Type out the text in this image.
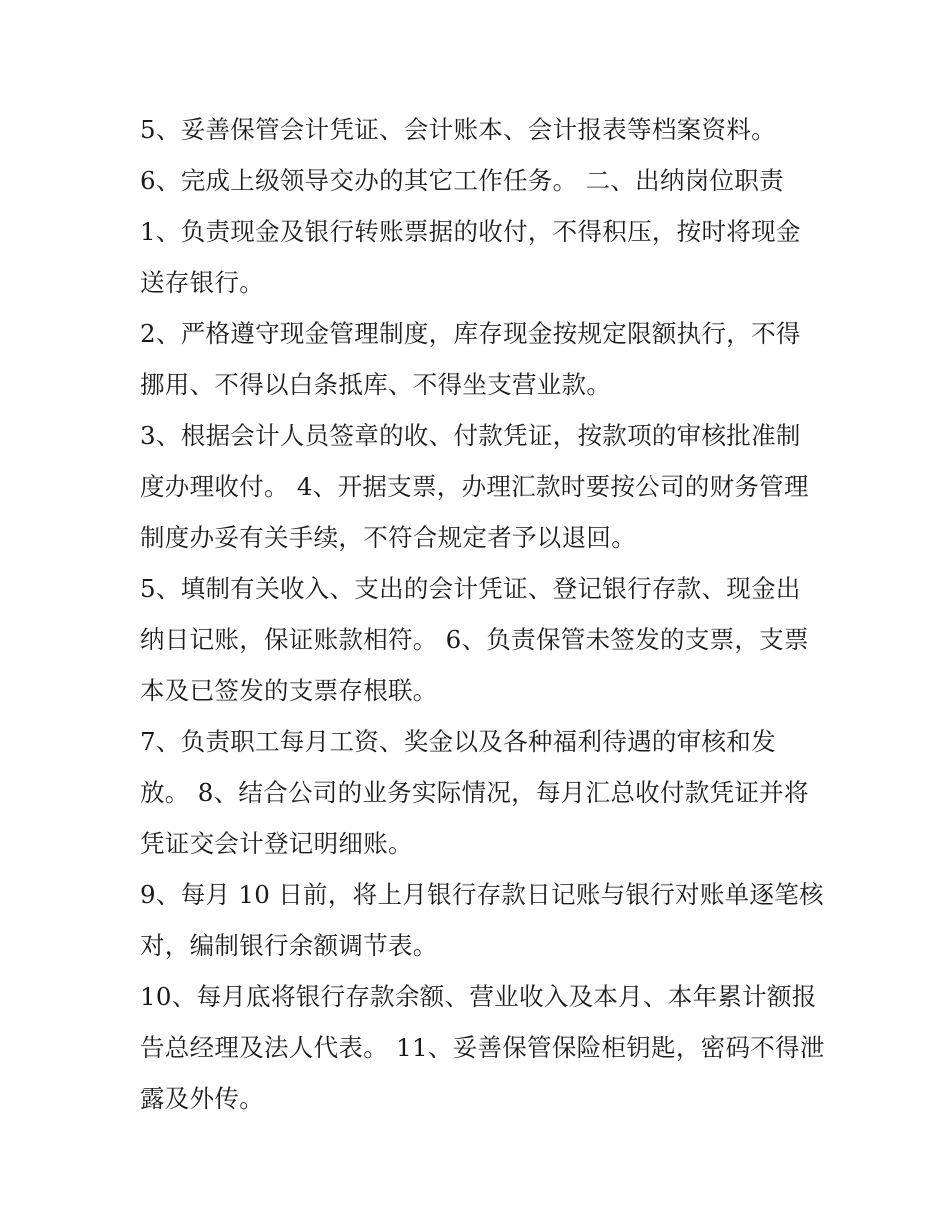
5、妥善保管会计凭证、会计账本、会计报表等档案资料。
6、完成上级领导交办的其它工作任务。 二、出纳岗位职责
1、负责现金及银行转账票据的收付，不得积压，按时将现金
送存银行。
2、严格遵守现金管理制度，库存现金按规定限额执行，不得
挪用、不得以白条抵库、不得坐支营业款。
3、根据会计人员签章的收、付款凭证，按款项的审核批准制
度办理收付。 4、开据支票，办理汇款时要按公司的财务管理
制度办妥有关手续，不符合规定者予以退回。
5、填制有关收入、支出的会计凭证、登记银行存款、现金出
纳日记账，保证账款相符。 6、负责保管未签发的支票，支票
本及已签发的支票存根联。
7、负责职工每月工资、奖金以及各种福利待遇的审核和发
放。 8、结合公司的业务实际情况，每月汇总收付款凭证并将
凭证交会计登记明细账。
9、每月 10 日前，将上月银行存款日记账与银行对账单逐笔核
对，编制银行余额调节表。
10、每月底将银行存款余额、营业收入及本月、本年累计额报
告总经理及法人代表。 11、妥善保管保险柜钥匙，密码不得泄
露及外传。
